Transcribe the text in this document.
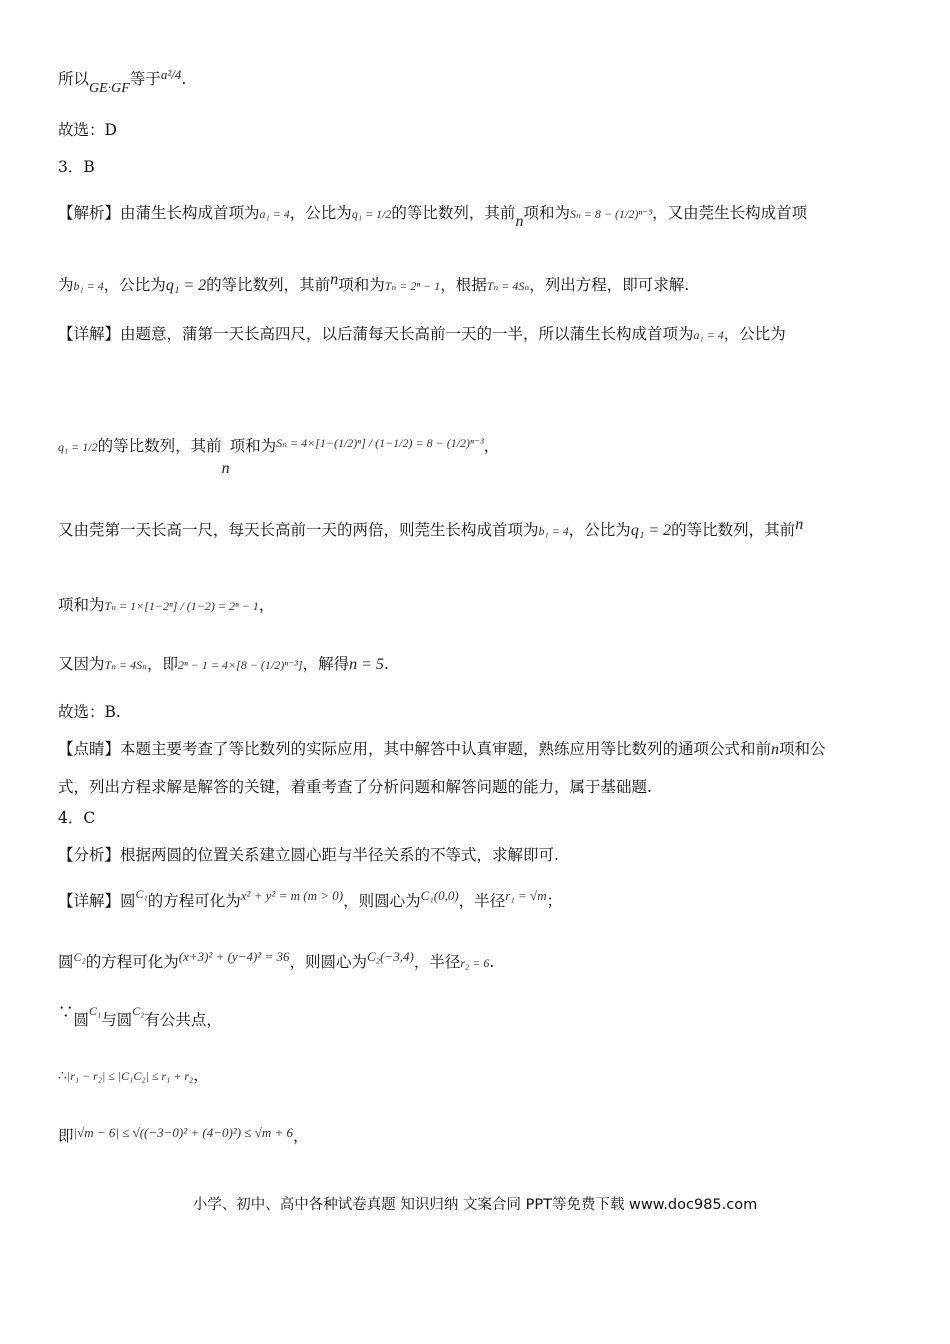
所以GE·GF等于a²/4.
故选：D
3．B
【解析】由蒲生长构成首项为a₁ = 4，公比为q₁ = 1/2的等比数列，其前n项和为Sₙ = 8 − (1/2)ⁿ⁻³，又由莞生长构成首项
为b₁ = 4，公比为q₁ = 2的等比数列，其前n项和为Tₙ = 2ⁿ − 1，根据Tₙ = 4Sₙ，列出方程，即可求解.
【详解】由题意，蒲第一天长高四尺，以后蒲每天长高前一天的一半，所以蒲生长构成首项为a₁ = 4，公比为
q₁ = 1/2的等比数列，其前n项和为$^{S_n = 4\times[1-(1/2)^n] / (1-1/2) = 8 - (1/2)^{n-3}}$，
又由莞第一天长高一尺，每天长高前一天的两倍，则莞生长构成首项为b₁ = 4，公比为q₁ = 2的等比数列，其前n
项和为Tₙ = 1×[1−2ⁿ] / (1−2) = 2ⁿ − 1，
又因为Tₙ = 4Sₙ，即2ⁿ − 1 = 4×[8 − (1/2)ⁿ⁻³]，解得n = 5.
故选：B.
【点睛】本题主要考查了等比数列的实际应用，其中解答中认真审题，熟练应用等比数列的通项公式和前n项和公
式，列出方程求解是解答的关键，着重考查了分析问题和解答问题的能力，属于基础题.
4．C
【分析】根据两圆的位置关系建立圆心距与半径关系的不等式，求解即可.
【详解】圆$^{C_1}$的方程可化为$^{x^2 + y^2 = m (m > 0)}$，则圆心为$^{C_1(0,0)}$，半径$^{r_1 = √m}$；
圆$^{C_2}$的方程可化为$^{(x+3)^2 + (y-4)^2 = 36}$，则圆心为$^{C_2(-3,4)}$，半径r₂ = 6.
∵圆$^{C_1}$与圆$^{C_2}$有公共点，
∴|r₁ − r₂| ≤ |C₁C₂| ≤ r₁ + r₂，
即$^{|√m - 6| \le √((-3-0)^2 + (4-0)^2) \le √m + 6}$，
小学、初中、高中各种试卷真题 知识归纳 文案合同 PPT等免费下载 www.doc985.com
